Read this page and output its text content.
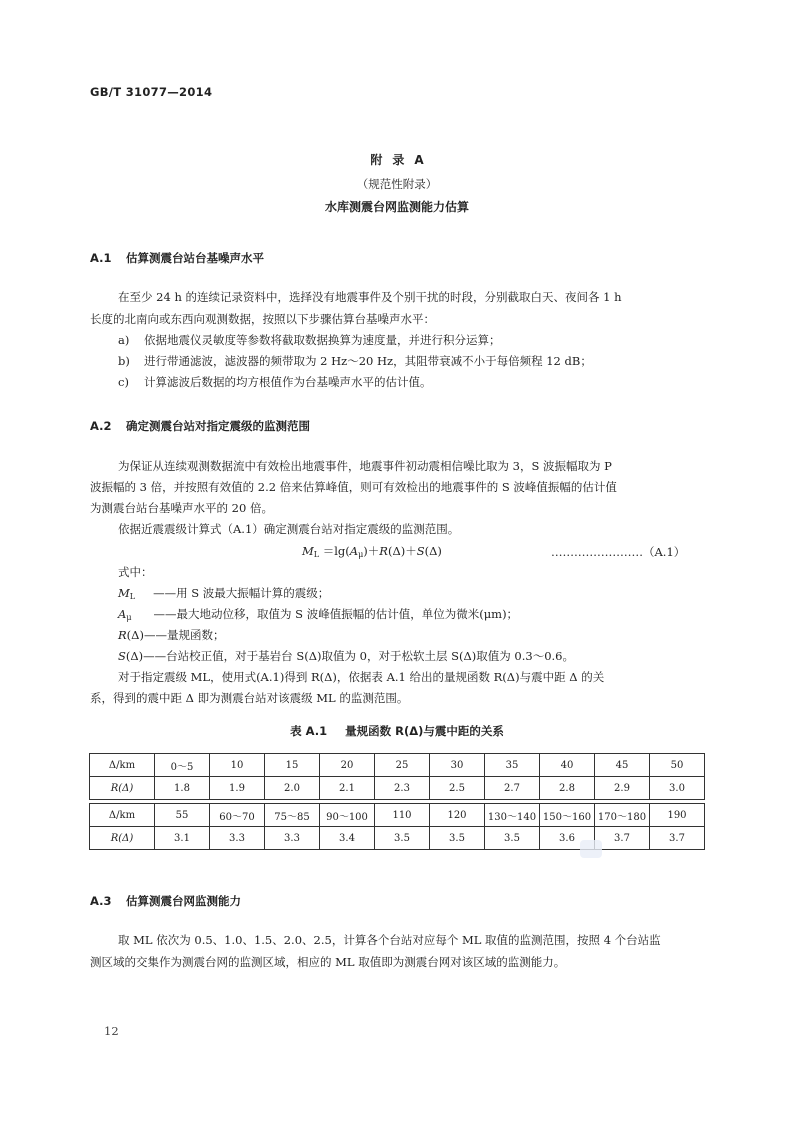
GB/T 31077—2014
附 录 A
（规范性附录）
水库测震台网监测能力估算
A.1 估算测震台站台基噪声水平
在至少 24 h 的连续记录资料中，选择没有地震事件及个别干扰的时段，分别截取白天、夜间各 1 h
长度的北南向或东西向观测数据，按照以下步骤估算台基噪声水平：
a) 依据地震仪灵敏度等参数将截取数据换算为速度量，并进行积分运算；
b) 进行带通滤波，滤波器的频带取为 2 Hz～20 Hz，其阻带衰减不小于每倍频程 12 dB；
c) 计算滤波后数据的均方根值作为台基噪声水平的估计值。
A.2 确定测震台站对指定震级的监测范围
为保证从连续观测数据流中有效检出地震事件，地震事件初动震相信噪比取为 3，S 波振幅取为 P
波振幅的 3 倍，并按照有效值的 2.2 倍来估算峰值，则可有效检出的地震事件的 S 波峰值振幅的估计值
为测震台站台基噪声水平的 20 倍。
依据近震震级计算式（A.1）确定测震台站对指定震级的监测范围。
$M_L =\lg(A_\mu)+R(\Delta)+S(\Delta)$	……………………（A.1）
式中：
$M_L$ ——用 S 波最大振幅计算的震级；
$A_\mu$ ——最大地动位移，取值为 S 波峰值振幅的估计值，单位为微米(μm)；
R(Δ)——量规函数；
S(Δ)——台站校正值，对于基岩台 S(Δ)取值为 0，对于松软土层 S(Δ)取值为 0.3～0.6。
对于指定震级 ML，使用式(A.1)得到 R(Δ)，依据表 A.1 给出的量规函数 R(Δ)与震中距 Δ 的关
系，得到的震中距 Δ 即为测震台站对该震级 ML 的监测范围。
表 A.1 量规函数 R(Δ)与震中距的关系
Δ/km	0～5	10	15	20	25	30	35	40	45	50
R(Δ)	1.8	1.9	2.0	2.1	2.3	2.5	2.7	2.8	2.9	3.0
Δ/km	55	60～70	75～85	90～100	110	120	130～140	150～160	170～180	190
R(Δ)	3.1	3.3	3.3	3.4	3.5	3.5	3.5	3.6	3.7	3.7
A.3 估算测震台网监测能力
取 ML 依次为 0.5、1.0、1.5、2.0、2.5，计算各个台站对应每个 ML 取值的监测范围，按照 4 个台站监
测区域的交集作为测震台网的监测区域，相应的 ML 取值即为测震台网对该区域的监测能力。
12
